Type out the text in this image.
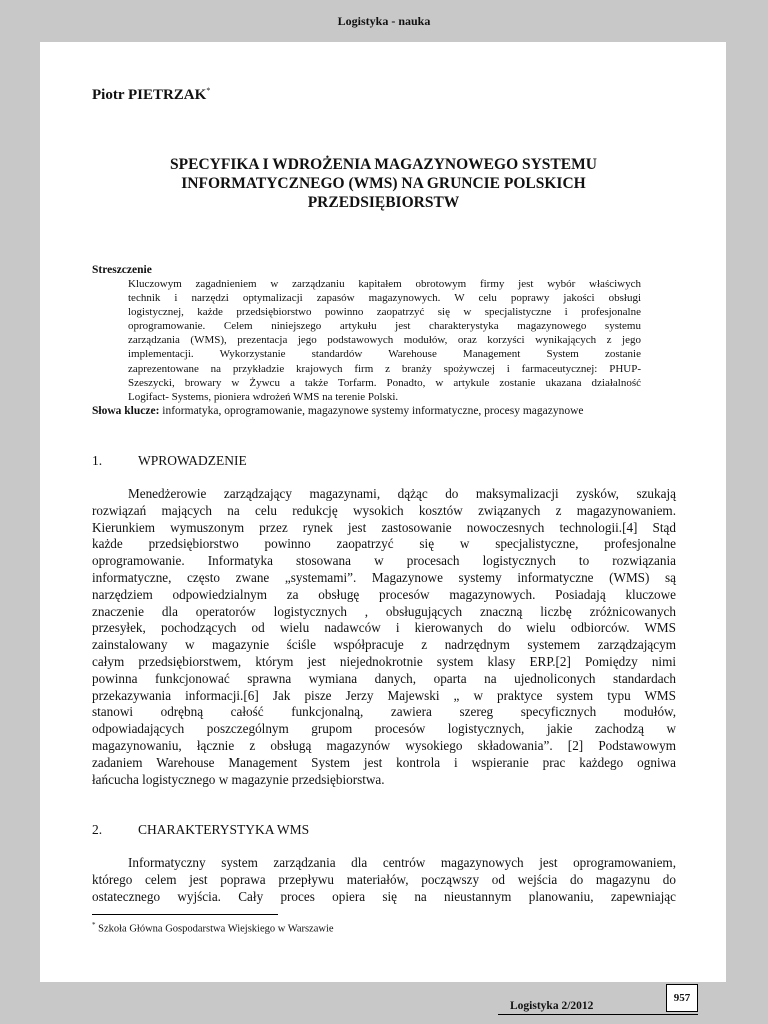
Logistyka - nauka
Piotr PIETRZAK*
SPECYFIKA I WDROŻENIA MAGAZYNOWEGO SYSTEMU
INFORMATYCZNEGO (WMS) NA GRUNCIE POLSKICH
PRZEDSIĘBIORSTW
Streszczenie
Kluczowym zagadnieniem w zarządzaniu kapitałem obrotowym firmy jest wybór właściwych
technik i narzędzi optymalizacji zapasów magazynowych. W celu poprawy jakości obsługi
logistycznej, każde przedsiębiorstwo powinno zaopatrzyć się w specjalistyczne i profesjonalne
oprogramowanie. Celem niniejszego artykułu jest charakterystyka magazynowego systemu
zarządzania (WMS), prezentacja jego podstawowych modułów, oraz korzyści wynikających z jego
implementacji. Wykorzystanie standardów Warehouse Management System zostanie
zaprezentowane na przykładzie krajowych firm z branży spożywczej i farmaceutycznej: PHUP-
Szeszycki, browary w Żywcu a także Torfarm. Ponadto, w artykule zostanie ukazana działalność
Logifact- Systems, pioniera wdrożeń WMS na terenie Polski.
Słowa klucze: informatyka, oprogramowanie, magazynowe systemy informatyczne, procesy magazynowe
1.	WPROWADZENIE
Menedżerowie zarządzający magazynami, dążąc do maksymalizacji zysków, szukają
rozwiązań mających na celu redukcję wysokich kosztów związanych z magazynowaniem.
Kierunkiem wymuszonym przez rynek jest zastosowanie nowoczesnych technologii.[4] Stąd
każde przedsiębiorstwo powinno zaopatrzyć się w specjalistyczne, profesjonalne
oprogramowanie. Informatyka stosowana w procesach logistycznych to rozwiązania
informatyczne, często zwane „systemami”. Magazynowe systemy informatyczne (WMS) są
narzędziem odpowiedzialnym za obsługę procesów magazynowych. Posiadają kluczowe
znaczenie dla operatorów logistycznych , obsługujących znaczną liczbę zróżnicowanych
przesyłek, pochodzących od wielu nadawców i kierowanych do wielu odbiorców. WMS
zainstalowany w magazynie ściśle współpracuje z nadrzędnym systemem zarządzającym
całym przedsiębiorstwem, którym jest niejednokrotnie system klasy ERP.[2] Pomiędzy nimi
powinna funkcjonować sprawna wymiana danych, oparta na ujednoliconych standardach
przekazywania informacji.[6] Jak pisze Jerzy Majewski „ w praktyce system typu WMS
stanowi odrębną całość funkcjonalną, zawiera szereg specyficznych modułów,
odpowiadających poszczególnym grupom procesów logistycznych, jakie zachodzą w
magazynowaniu, łącznie z obsługą magazynów wysokiego składowania”. [2] Podstawowym
zadaniem Warehouse Management System jest kontrola i wspieranie prac każdego ogniwa
łańcucha logistycznego w magazynie przedsiębiorstwa.
2.	CHARAKTERYSTYKA WMS
Informatyczny system zarządzania dla centrów magazynowych jest oprogramowaniem,
którego celem jest poprawa przepływu materiałów, począwszy od wejścia do magazynu do
ostatecznego wyjścia. Cały proces opiera się na nieustannym planowaniu, zapewniając
* Szkoła Główna Gospodarstwa Wiejskiego w Warszawie
957
Logistyka 2/2012
